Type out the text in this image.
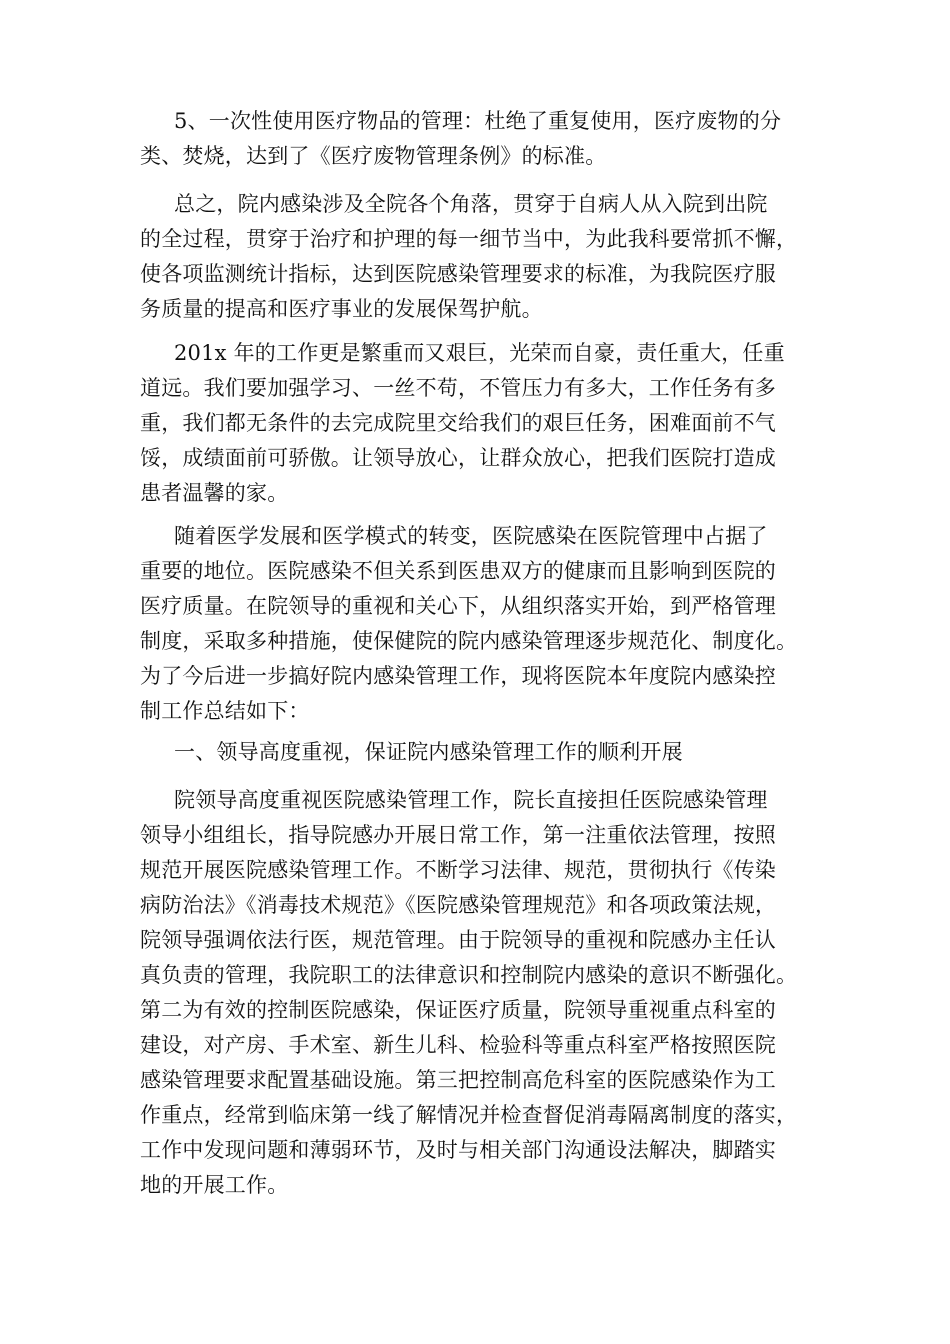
5、一次性使用医疗物品的管理：杜绝了重复使用，医疗废物的分
类、焚烧，达到了《医疗废物管理条例》的标准。
总之，院内感染涉及全院各个角落，贯穿于自病人从入院到出院
的全过程，贯穿于治疗和护理的每一细节当中，为此我科要常抓不懈，
使各项监测统计指标，达到医院感染管理要求的标准，为我院医疗服
务质量的提高和医疗事业的发展保驾护航。
201x 年的工作更是繁重而又艰巨，光荣而自豪，责任重大，任重
道远。我们要加强学习、一丝不苟，不管压力有多大，工作任务有多
重，我们都无条件的去完成院里交给我们的艰巨任务，困难面前不气
馁，成绩面前可骄傲。让领导放心，让群众放心，把我们医院打造成
患者温馨的家。
随着医学发展和医学模式的转变，医院感染在医院管理中占据了
重要的地位。医院感染不但关系到医患双方的健康而且影响到医院的
医疗质量。在院领导的重视和关心下，从组织落实开始，到严格管理
制度，采取多种措施，使保健院的院内感染管理逐步规范化、制度化。
为了今后进一步搞好院内感染管理工作，现将医院本年度院内感染控
制工作总结如下：
一、领导高度重视，保证院内感染管理工作的顺利开展
院领导高度重视医院感染管理工作，院长直接担任医院感染管理
领导小组组长，指导院感办开展日常工作，第一注重依法管理，按照
规范开展医院感染管理工作。不断学习法律、规范，贯彻执行《传染
病防治法》《消毒技术规范》《医院感染管理规范》和各项政策法规，
院领导强调依法行医，规范管理。由于院领导的重视和院感办主任认
真负责的管理，我院职工的法律意识和控制院内感染的意识不断强化。
第二为有效的控制医院感染，保证医疗质量，院领导重视重点科室的
建设，对产房、手术室、新生儿科、检验科等重点科室严格按照医院
感染管理要求配置基础设施。第三把控制高危科室的医院感染作为工
作重点，经常到临床第一线了解情况并检查督促消毒隔离制度的落实，
工作中发现问题和薄弱环节，及时与相关部门沟通设法解决，脚踏实
地的开展工作。
